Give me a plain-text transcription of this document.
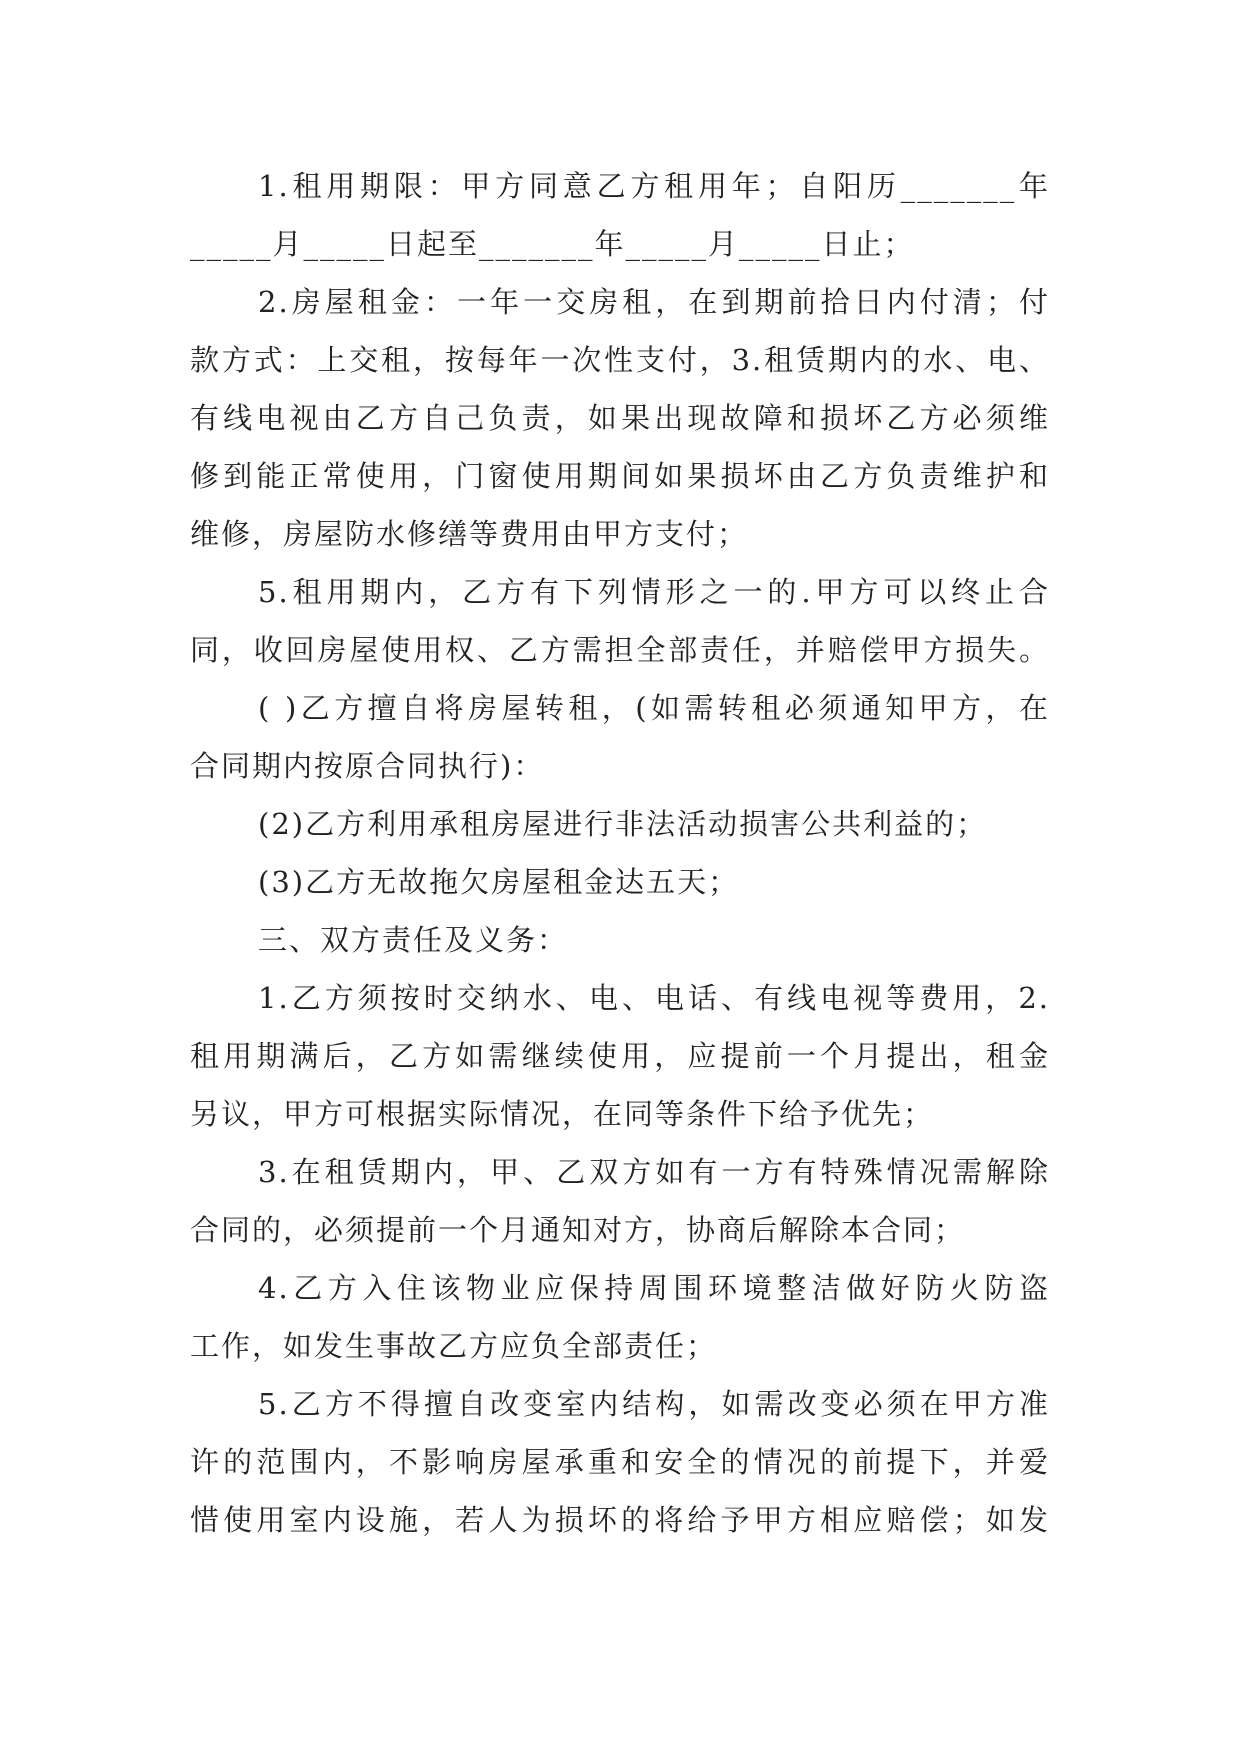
1.租用期限：甲方同意乙方租用年；自阳历_______年
_____月_____日起至_______年_____月_____日止；
2.房屋租金：一年一交房租，在到期前拾日内付清；付
款方式：上交租，按每年一次性支付，3.租赁期内的水、电、
有线电视由乙方自己负责，如果出现故障和损坏乙方必须维
修到能正常使用，门窗使用期间如果损坏由乙方负责维护和
维修，房屋防水修缮等费用由甲方支付；
5.租用期内，乙方有下列情形之一的.甲方可以终止合
同，收回房屋使用权、乙方需担全部责任，并赔偿甲方损失。
( )乙方擅自将房屋转租，(如需转租必须通知甲方，在
合同期内按原合同执行)：
(2)乙方利用承租房屋进行非法活动损害公共利益的；
(3)乙方无故拖欠房屋租金达五天；
三、双方责任及义务：
1.乙方须按时交纳水、电、电话、有线电视等费用，2.
租用期满后，乙方如需继续使用，应提前一个月提出，租金
另议，甲方可根据实际情况，在同等条件下给予优先；
3.在租赁期内，甲、乙双方如有一方有特殊情况需解除
合同的，必须提前一个月通知对方，协商后解除本合同；
4.乙方入住该物业应保持周围环境整洁做好防火防盗
工作，如发生事故乙方应负全部责任；
5.乙方不得擅自改变室内结构，如需改变必须在甲方准
许的范围内，不影响房屋承重和安全的情况的前提下，并爱
惜使用室内设施，若人为损坏的将给予甲方相应赔偿；如发
